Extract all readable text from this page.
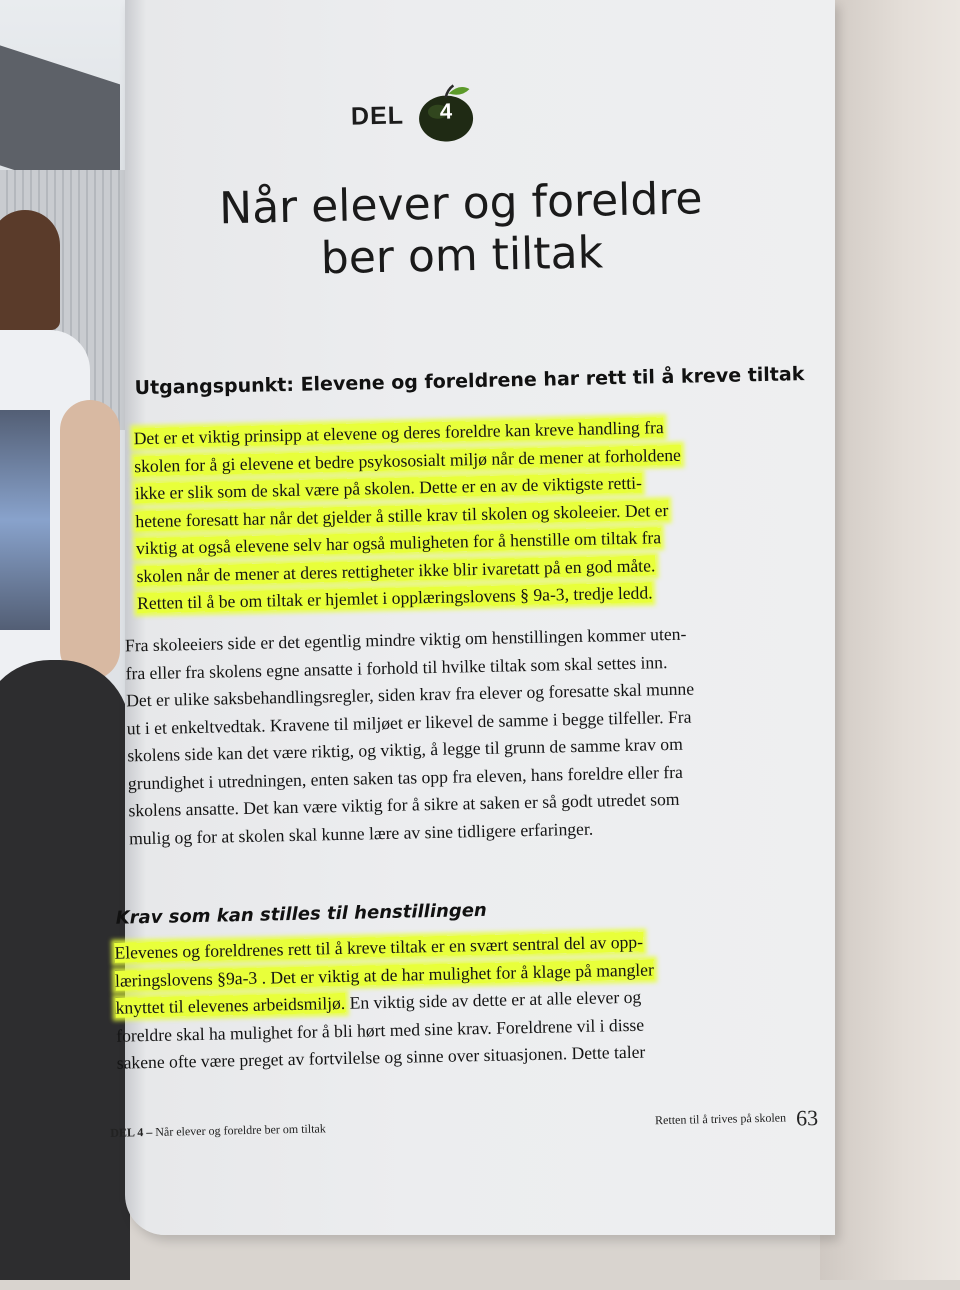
DEL	4
Når elever og foreldre
ber om tiltak
Utgangspunkt: Elevene og foreldrene har rett til å kreve tiltak
Det er et viktig prinsipp at elevene og deres foreldre kan kreve handling fra
skolen for å gi elevene et bedre psykososialt miljø når de mener at forholdene
ikke er slik som de skal være på skolen. Dette er en av de viktigste retti-
hetene foresatt har når det gjelder å stille krav til skolen og skoleeier. Det er
viktig at også elevene selv har også muligheten for å henstille om tiltak fra
skolen når de mener at deres rettigheter ikke blir ivaretatt på en god måte.
Retten til å be om tiltak er hjemlet i opplæringslovens § 9a-3, tredje ledd.
Fra skoleeiers side er det egentlig mindre viktig om henstillingen kommer uten-
fra eller fra skolens egne ansatte i forhold til hvilke tiltak som skal settes inn.
Det er ulike saksbehandlingsregler, siden krav fra elever og foresatte skal munne
ut i et enkeltvedtak. Kravene til miljøet er likevel de samme i begge tilfeller. Fra
skolens side kan det være riktig, og viktig, å legge til grunn de samme krav om
grundighet i utredningen, enten saken tas opp fra eleven, hans foreldre eller fra
skolens ansatte. Det kan være viktig for å sikre at saken er så godt utredet som
mulig og for at skolen skal kunne lære av sine tidligere erfaringer.
Krav som kan stilles til henstillingen
Elevenes og foreldrenes rett til å kreve tiltak er en svært sentral del av opp-
læringslovens §9a-3 . Det er viktig at de har mulighet for å klage på mangler
knyttet til elevenes arbeidsmiljø. En viktig side av dette er at alle elever og
foreldre skal ha mulighet for å bli hørt med sine krav. Foreldrene vil i disse
sakene ofte være preget av fortvilelse og sinne over situasjonen. Dette taler
DEL 4 – Når elever og foreldre ber om tiltak
Retten til å trives på skolen 63
